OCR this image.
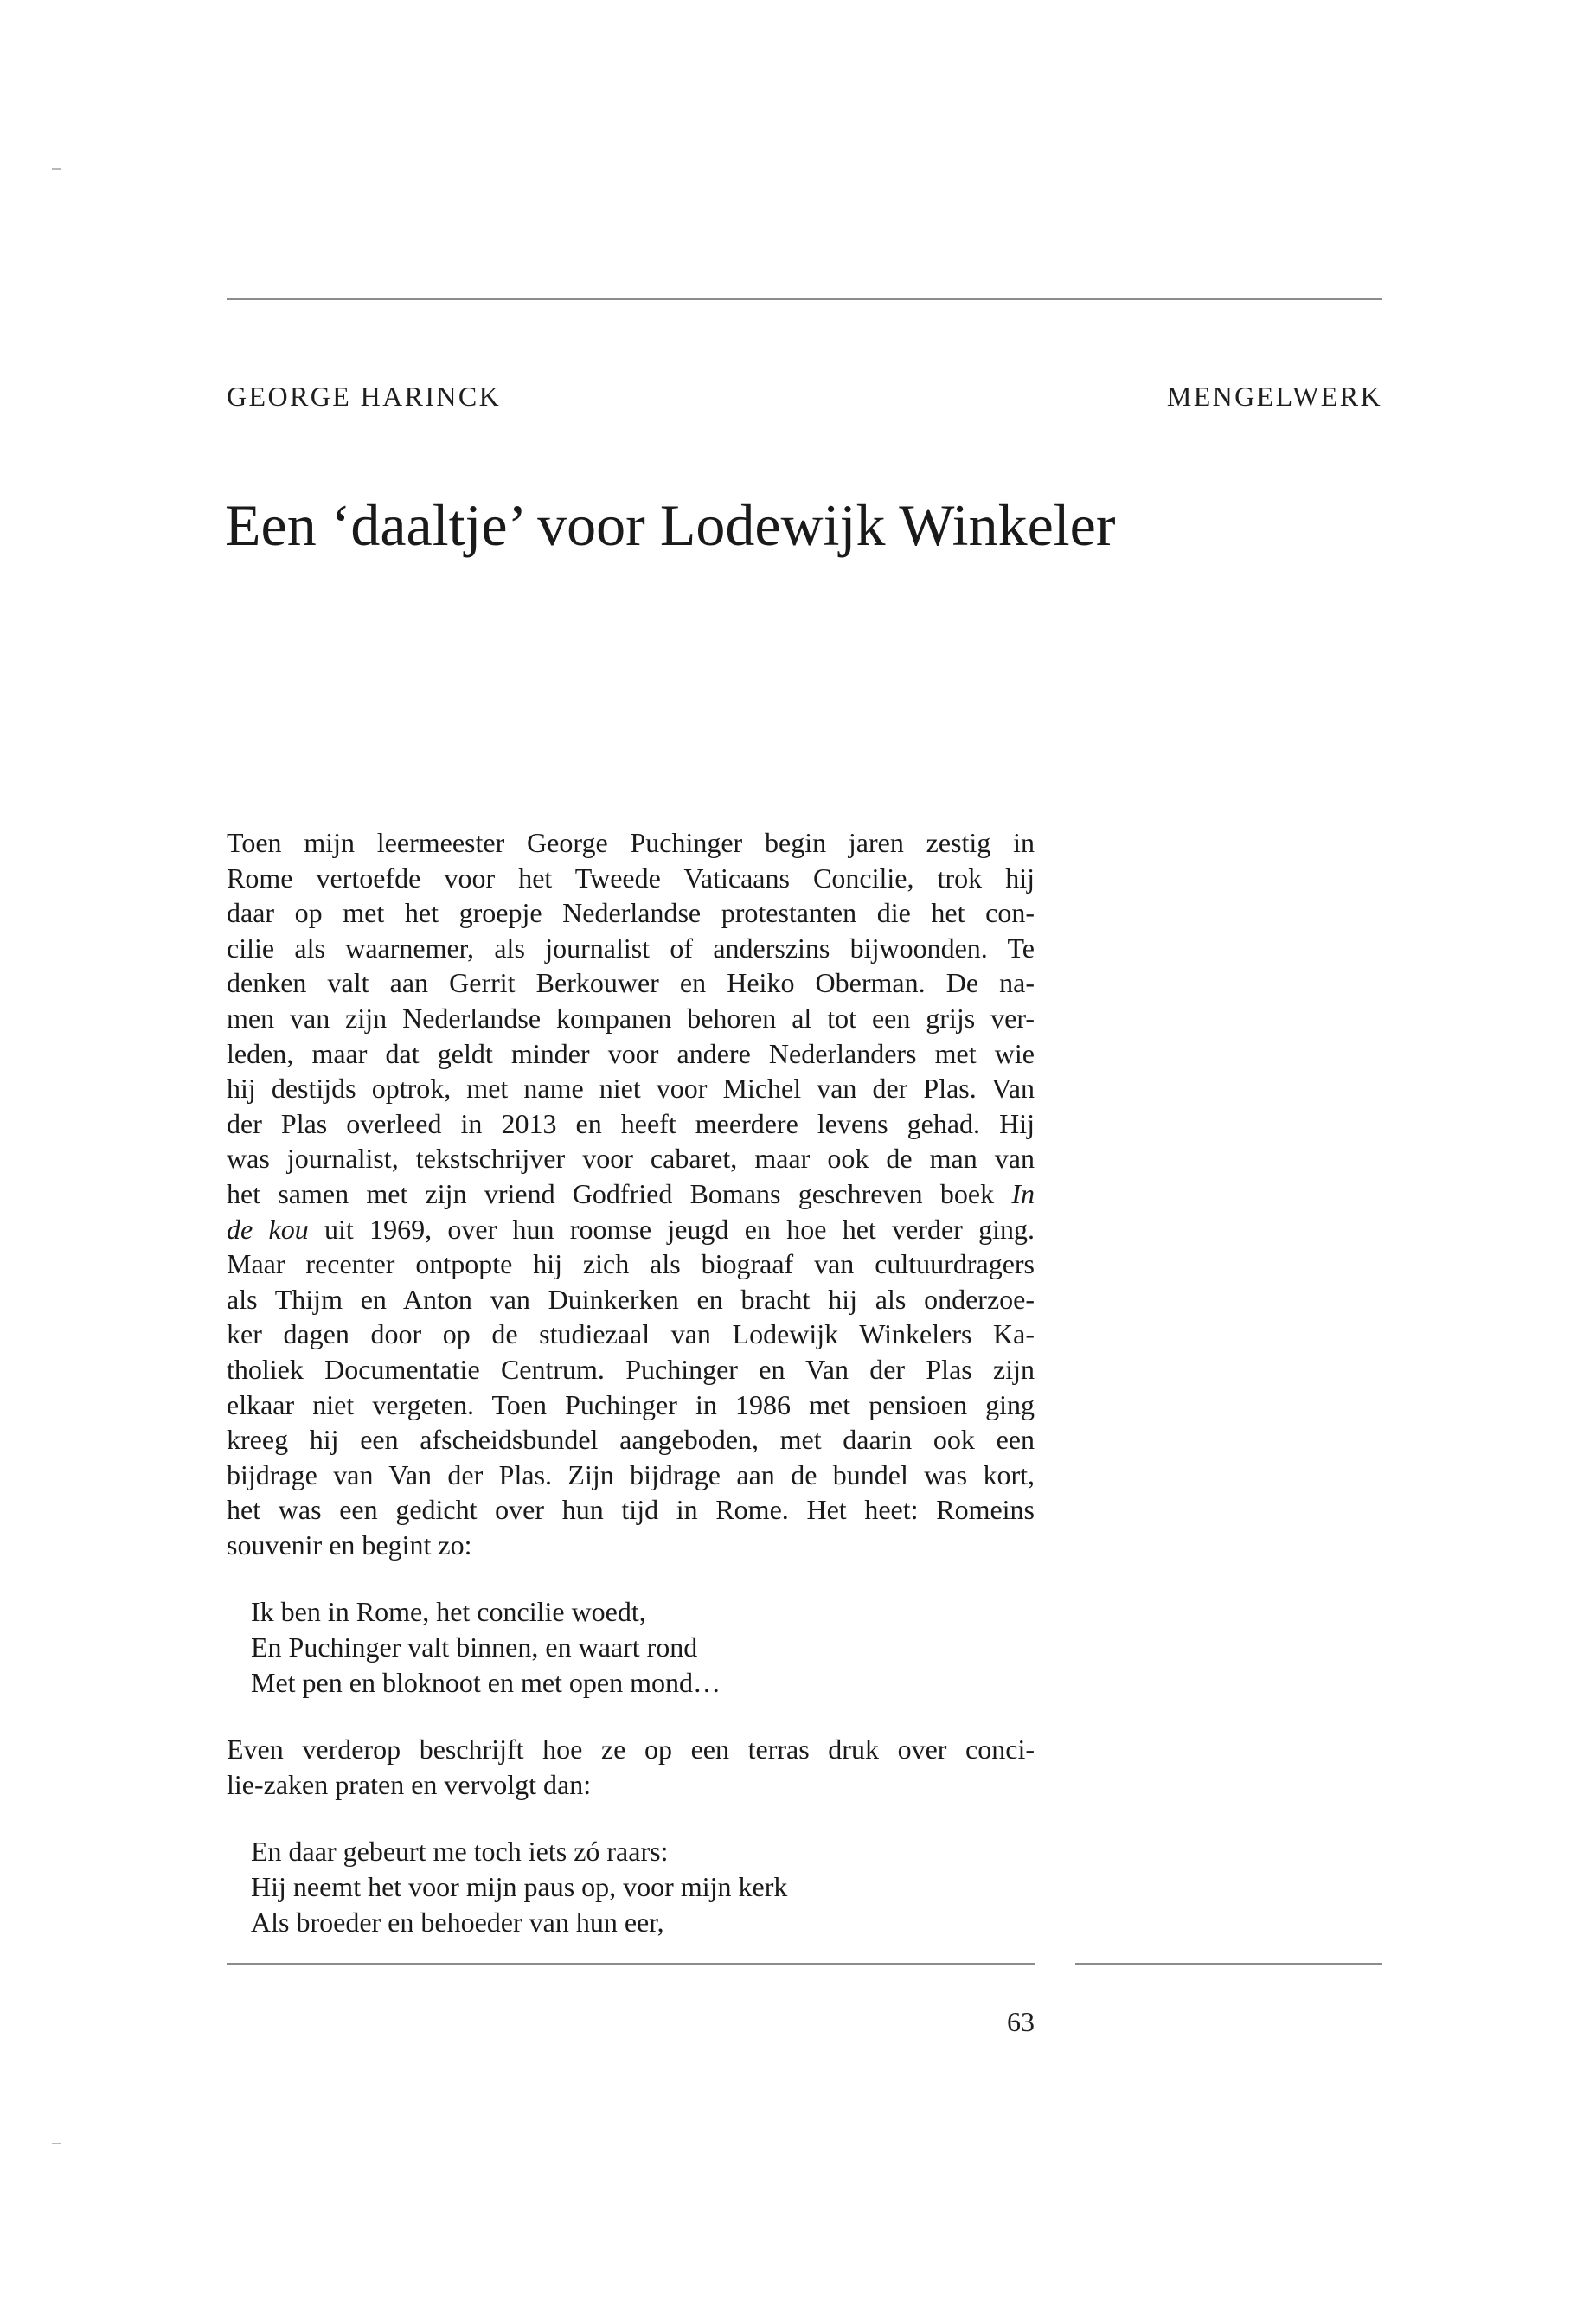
GEORGE HARINCK	MENGELWERK
Een ‘daaltje’ voor Lodewijk Winkeler
Toen mijn leermeester George Puchinger begin jaren zestig in
Rome vertoefde voor het Tweede Vaticaans Concilie, trok hij
daar op met het groepje Nederlandse protestanten die het con-
cilie als waarnemer, als journalist of anderszins bijwoonden. Te
denken valt aan Gerrit Berkouwer en Heiko Oberman. De na-
men van zijn Nederlandse kompanen behoren al tot een grijs ver-
leden, maar dat geldt minder voor andere Nederlanders met wie
hij destijds optrok, met name niet voor Michel van der Plas. Van
der Plas overleed in 2013 en heeft meerdere levens gehad. Hij
was journalist, tekstschrijver voor cabaret, maar ook de man van
het samen met zijn vriend Godfried Bomans geschreven boek In
de kou uit 1969, over hun roomse jeugd en hoe het verder ging.
Maar recenter ontpopte hij zich als biograaf van cultuurdragers
als Thijm en Anton van Duinkerken en bracht hij als onderzoe-
ker dagen door op de studiezaal van Lodewijk Winkelers Ka-
tholiek Documentatie Centrum. Puchinger en Van der Plas zijn
elkaar niet vergeten. Toen Puchinger in 1986 met pensioen ging
kreeg hij een afscheidsbundel aangeboden, met daarin ook een
bijdrage van Van der Plas. Zijn bijdrage aan de bundel was kort,
het was een gedicht over hun tijd in Rome. Het heet: Romeins
souvenir en begint zo:
Ik ben in Rome, het concilie woedt,
En Puchinger valt binnen, en waart rond
Met pen en bloknoot en met open mond…
Even verderop beschrijft hoe ze op een terras druk over conci-
lie-zaken praten en vervolgt dan:
En daar gebeurt me toch iets zó raars:
Hij neemt het voor mijn paus op, voor mijn kerk
Als broeder en behoeder van hun eer,
63
